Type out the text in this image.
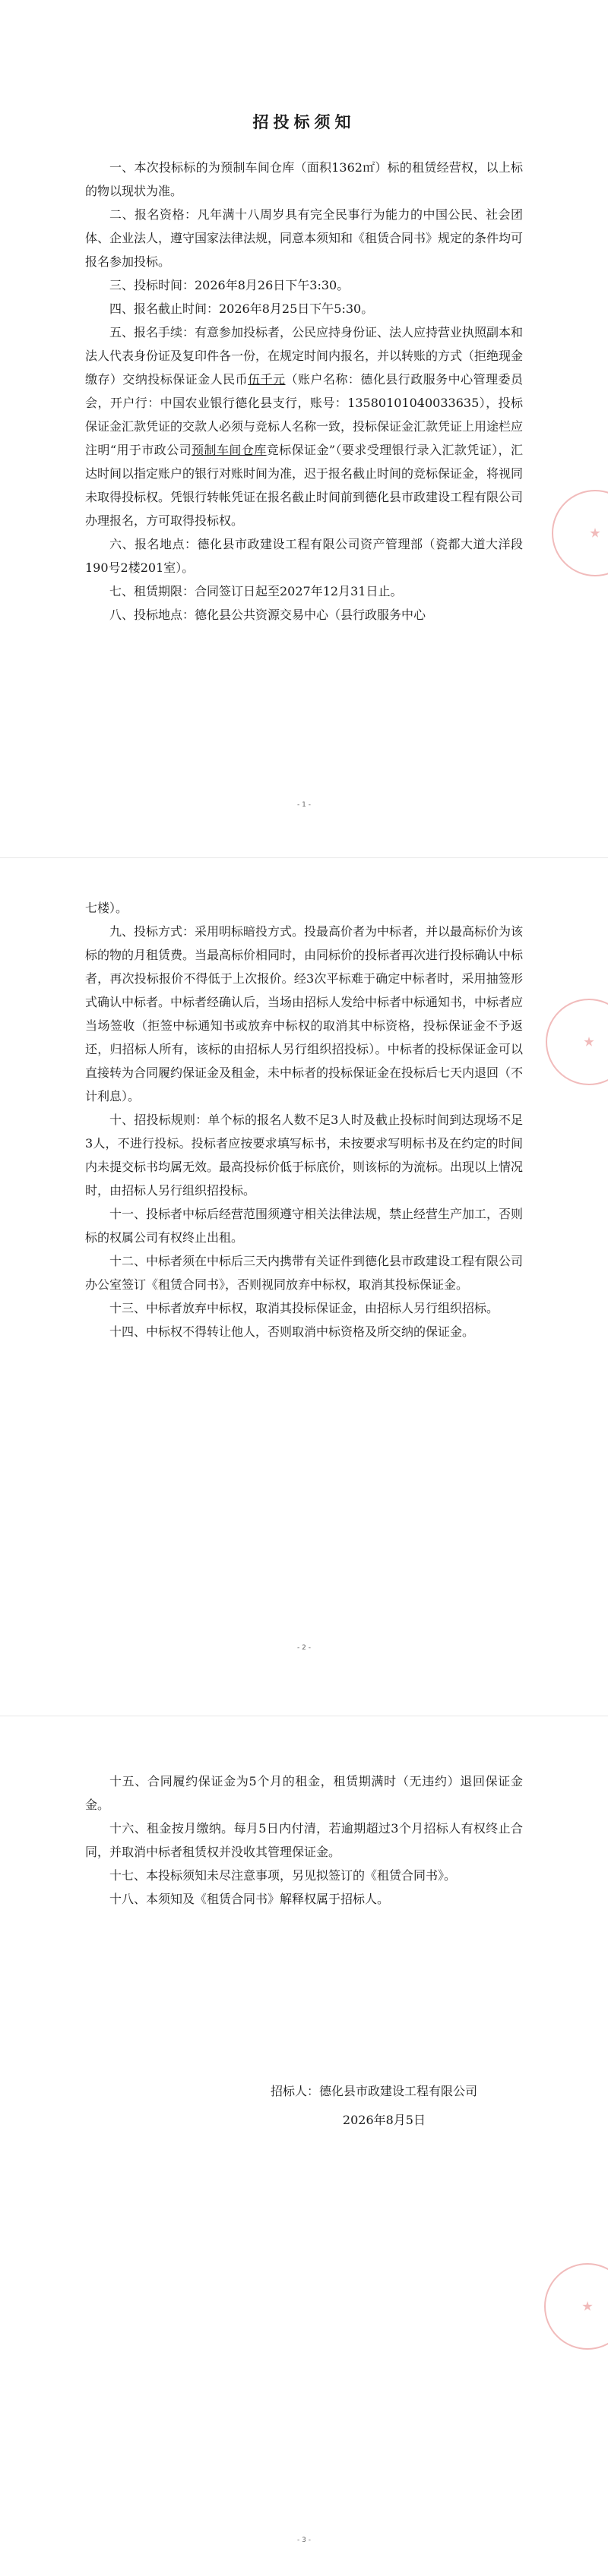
招投标须知

一、本次投标标的为预制车间仓库（面积1362㎡）标的租赁经营权，以上标的物以现状为准。

二、报名资格：凡年满十八周岁具有完全民事行为能力的中国公民、社会团体、企业法人，遵守国家法律法规，同意本须知和《租赁合同书》规定的条件均可报名参加投标。

三、投标时间：2026年8月26日下午3:30。

四、报名截止时间：2026年8月25日下午5:30。

五、报名手续：有意参加投标者，公民应持身份证、法人应持营业执照副本和法人代表身份证及复印件各一份，在规定时间内报名，并以转账的方式（拒绝现金缴存）交纳投标保证金人民币伍千元（账户名称：德化县行政服务中心管理委员会，开户行：中国农业银行德化县支行，账号：13580101040033635），投标保证金汇款凭证的交款人必须与竞标人名称一致，投标保证金汇款凭证上用途栏应注明“用于市政公司预制车间仓库竞标保证金”（要求受理银行录入汇款凭证），汇达时间以指定账户的银行对账时间为准，迟于报名截止时间的竞标保证金，将视同未取得投标权。凭银行转帐凭证在报名截止时间前到德化县市政建设工程有限公司办理报名，方可取得投标权。

六、报名地点：德化县市政建设工程有限公司资产管理部（瓷都大道大洋段190号2楼201室）。

七、租赁期限：合同签订日起至2027年12月31日止。

八、投标地点：德化县公共资源交易中心（县行政服务中心

- 1 -

七楼）。

九、投标方式：采用明标暗投方式。投最高价者为中标者，并以最高标价为该标的物的月租赁费。当最高标价相同时，由同标价的投标者再次进行投标确认中标者，再次投标报价不得低于上次报价。经3次平标难于确定中标者时，采用抽签形式确认中标者。中标者经确认后，当场由招标人发给中标者中标通知书，中标者应当场签收（拒签中标通知书或放弃中标权的取消其中标资格，投标保证金不予返还，归招标人所有，该标的由招标人另行组织招投标）。中标者的投标保证金可以直接转为合同履约保证金及租金，未中标者的投标保证金在投标后七天内退回（不计利息）。

十、招投标规则：单个标的报名人数不足3人时及截止投标时间到达现场不足3人，不进行投标。投标者应按要求填写标书，未按要求写明标书及在约定的时间内未提交标书均属无效。最高投标价低于标底价，则该标的为流标。出现以上情况时，由招标人另行组织招投标。

十一、投标者中标后经营范围须遵守相关法律法规，禁止经营生产加工，否则标的权属公司有权终止出租。

十二、中标者须在中标后三天内携带有关证件到德化县市政建设工程有限公司办公室签订《租赁合同书》，否则视同放弃中标权，取消其投标保证金。

十三、中标者放弃中标权，取消其投标保证金，由招标人另行组织招标。

十四、中标权不得转让他人，否则取消中标资格及所交纳的保证金。

- 2 -

十五、合同履约保证金为5个月的租金，租赁期满时（无违约）退回保证金金。

十六、租金按月缴纳。每月5日内付清，若逾期超过3个月招标人有权终止合同，并取消中标者租赁权并没收其管理保证金。

十七、本投标须知未尽注意事项，另见拟签订的《租赁合同书》。

十八、本须知及《租赁合同书》解释权属于招标人。

招标人：德化县市政建设工程有限公司
2026年8月5日
- 3 -
